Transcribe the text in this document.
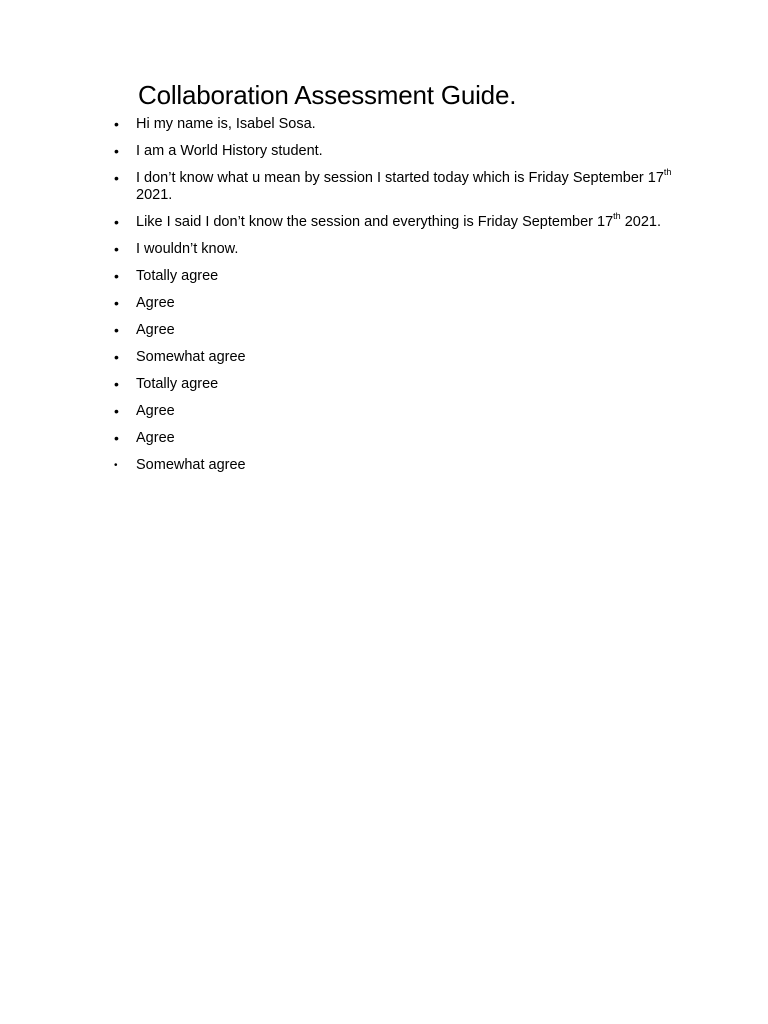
Collaboration Assessment Guide.
• Hi my name is, Isabel Sosa.
• I am a World History student.
• I don’t know what u mean by session I started today which is Friday September 17th 2021.
• Like I said I don’t know the session and everything is Friday September 17th 2021.
• I wouldn’t know.
• Totally agree
• Agree
• Agree
• Somewhat agree
• Totally agree
• Agree
• Agree
• Somewhat agree
